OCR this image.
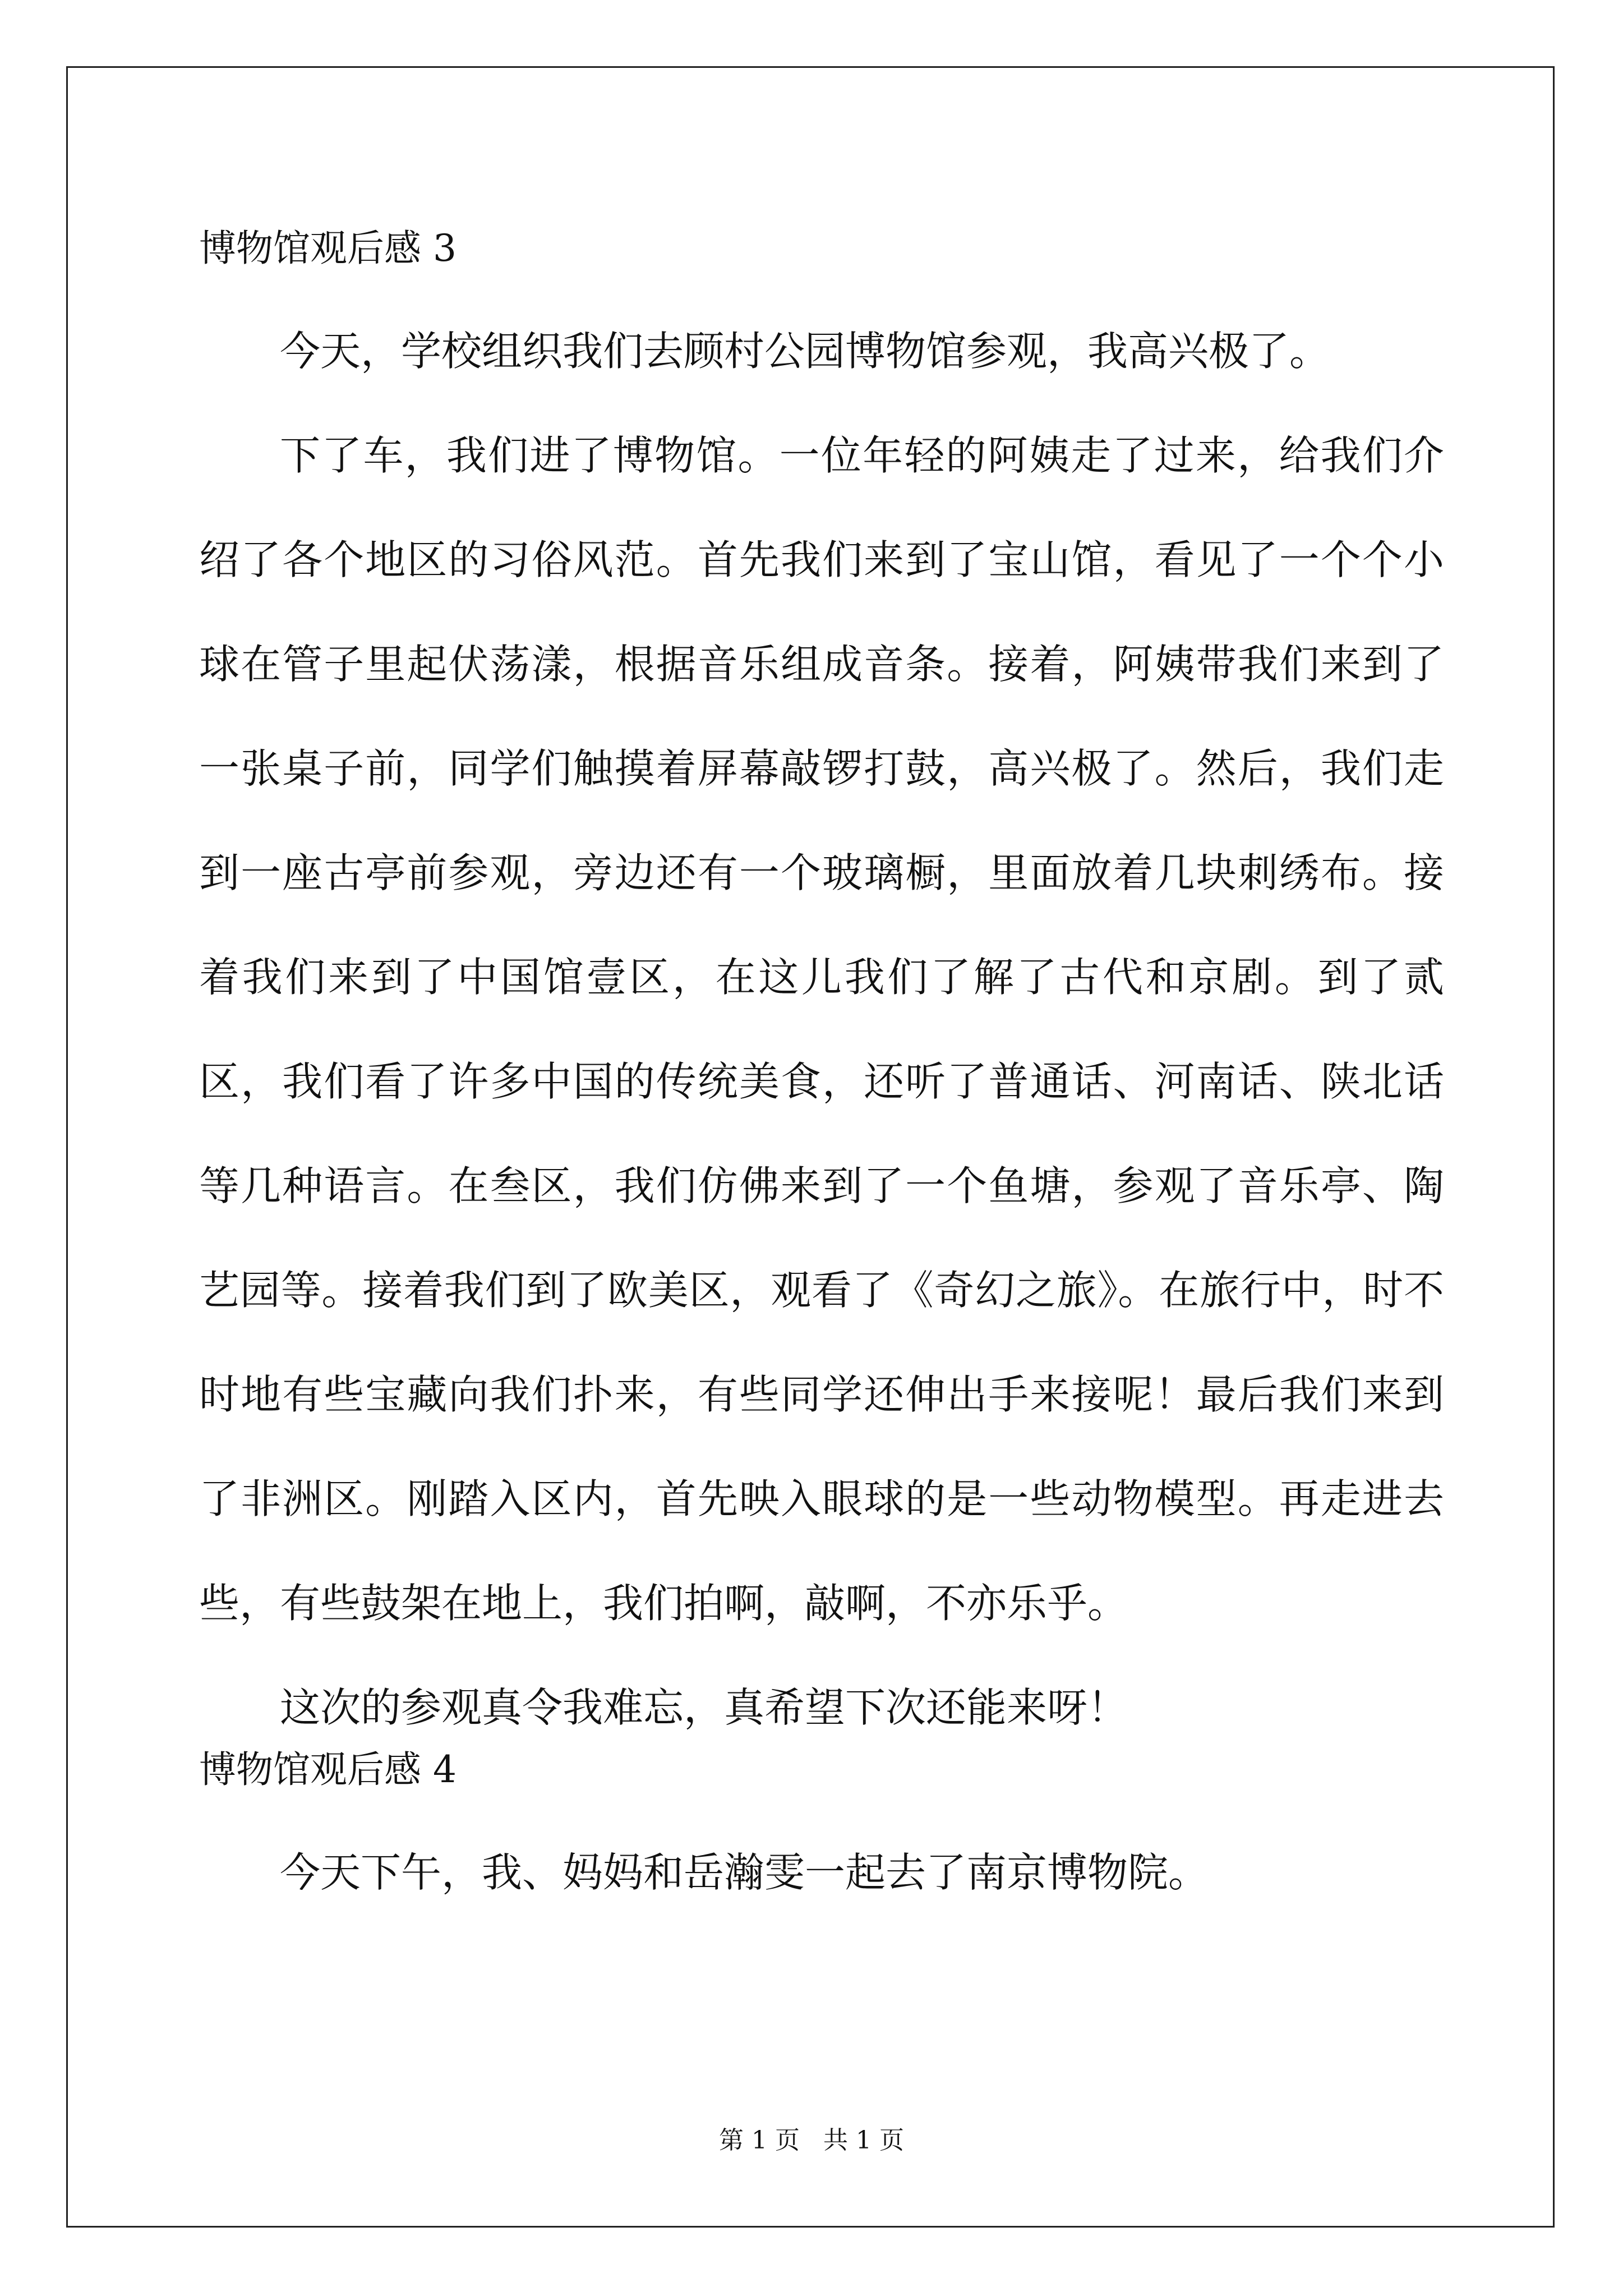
博物馆观后感 3

今天，学校组织我们去顾村公园博物馆参观，我高兴极了。

下了车，我们进了博物馆。一位年轻的阿姨走了过来，给我们介绍了各个地区的习俗风范。首先我们来到了宝山馆，看见了一个个小球在管子里起伏荡漾，根据音乐组成音条。接着，阿姨带我们来到了一张桌子前，同学们触摸着屏幕敲锣打鼓，高兴极了。然后，我们走到一座古亭前参观，旁边还有一个玻璃橱，里面放着几块刺绣布。接着我们来到了中国馆壹区，在这儿我们了解了古代和京剧。到了贰区，我们看了许多中国的传统美食，还听了普通话、河南话、陕北话等几种语言。在叁区，我们仿佛来到了一个鱼塘，参观了音乐亭、陶艺园等。接着我们到了欧美区，观看了《奇幻之旅》。在旅行中，时不时地有些宝藏向我们扑来，有些同学还伸出手来接呢！最后我们来到了非洲区。刚踏入区内，首先映入眼球的是一些动物模型。再走进去些，有些鼓架在地上，我们拍啊，敲啊，不亦乐乎。

这次的参观真令我难忘，真希望下次还能来呀！

博物馆观后感 4

今天下午，我、妈妈和岳瀚雯一起去了南京博物院。

第 1 页   共 1 页
